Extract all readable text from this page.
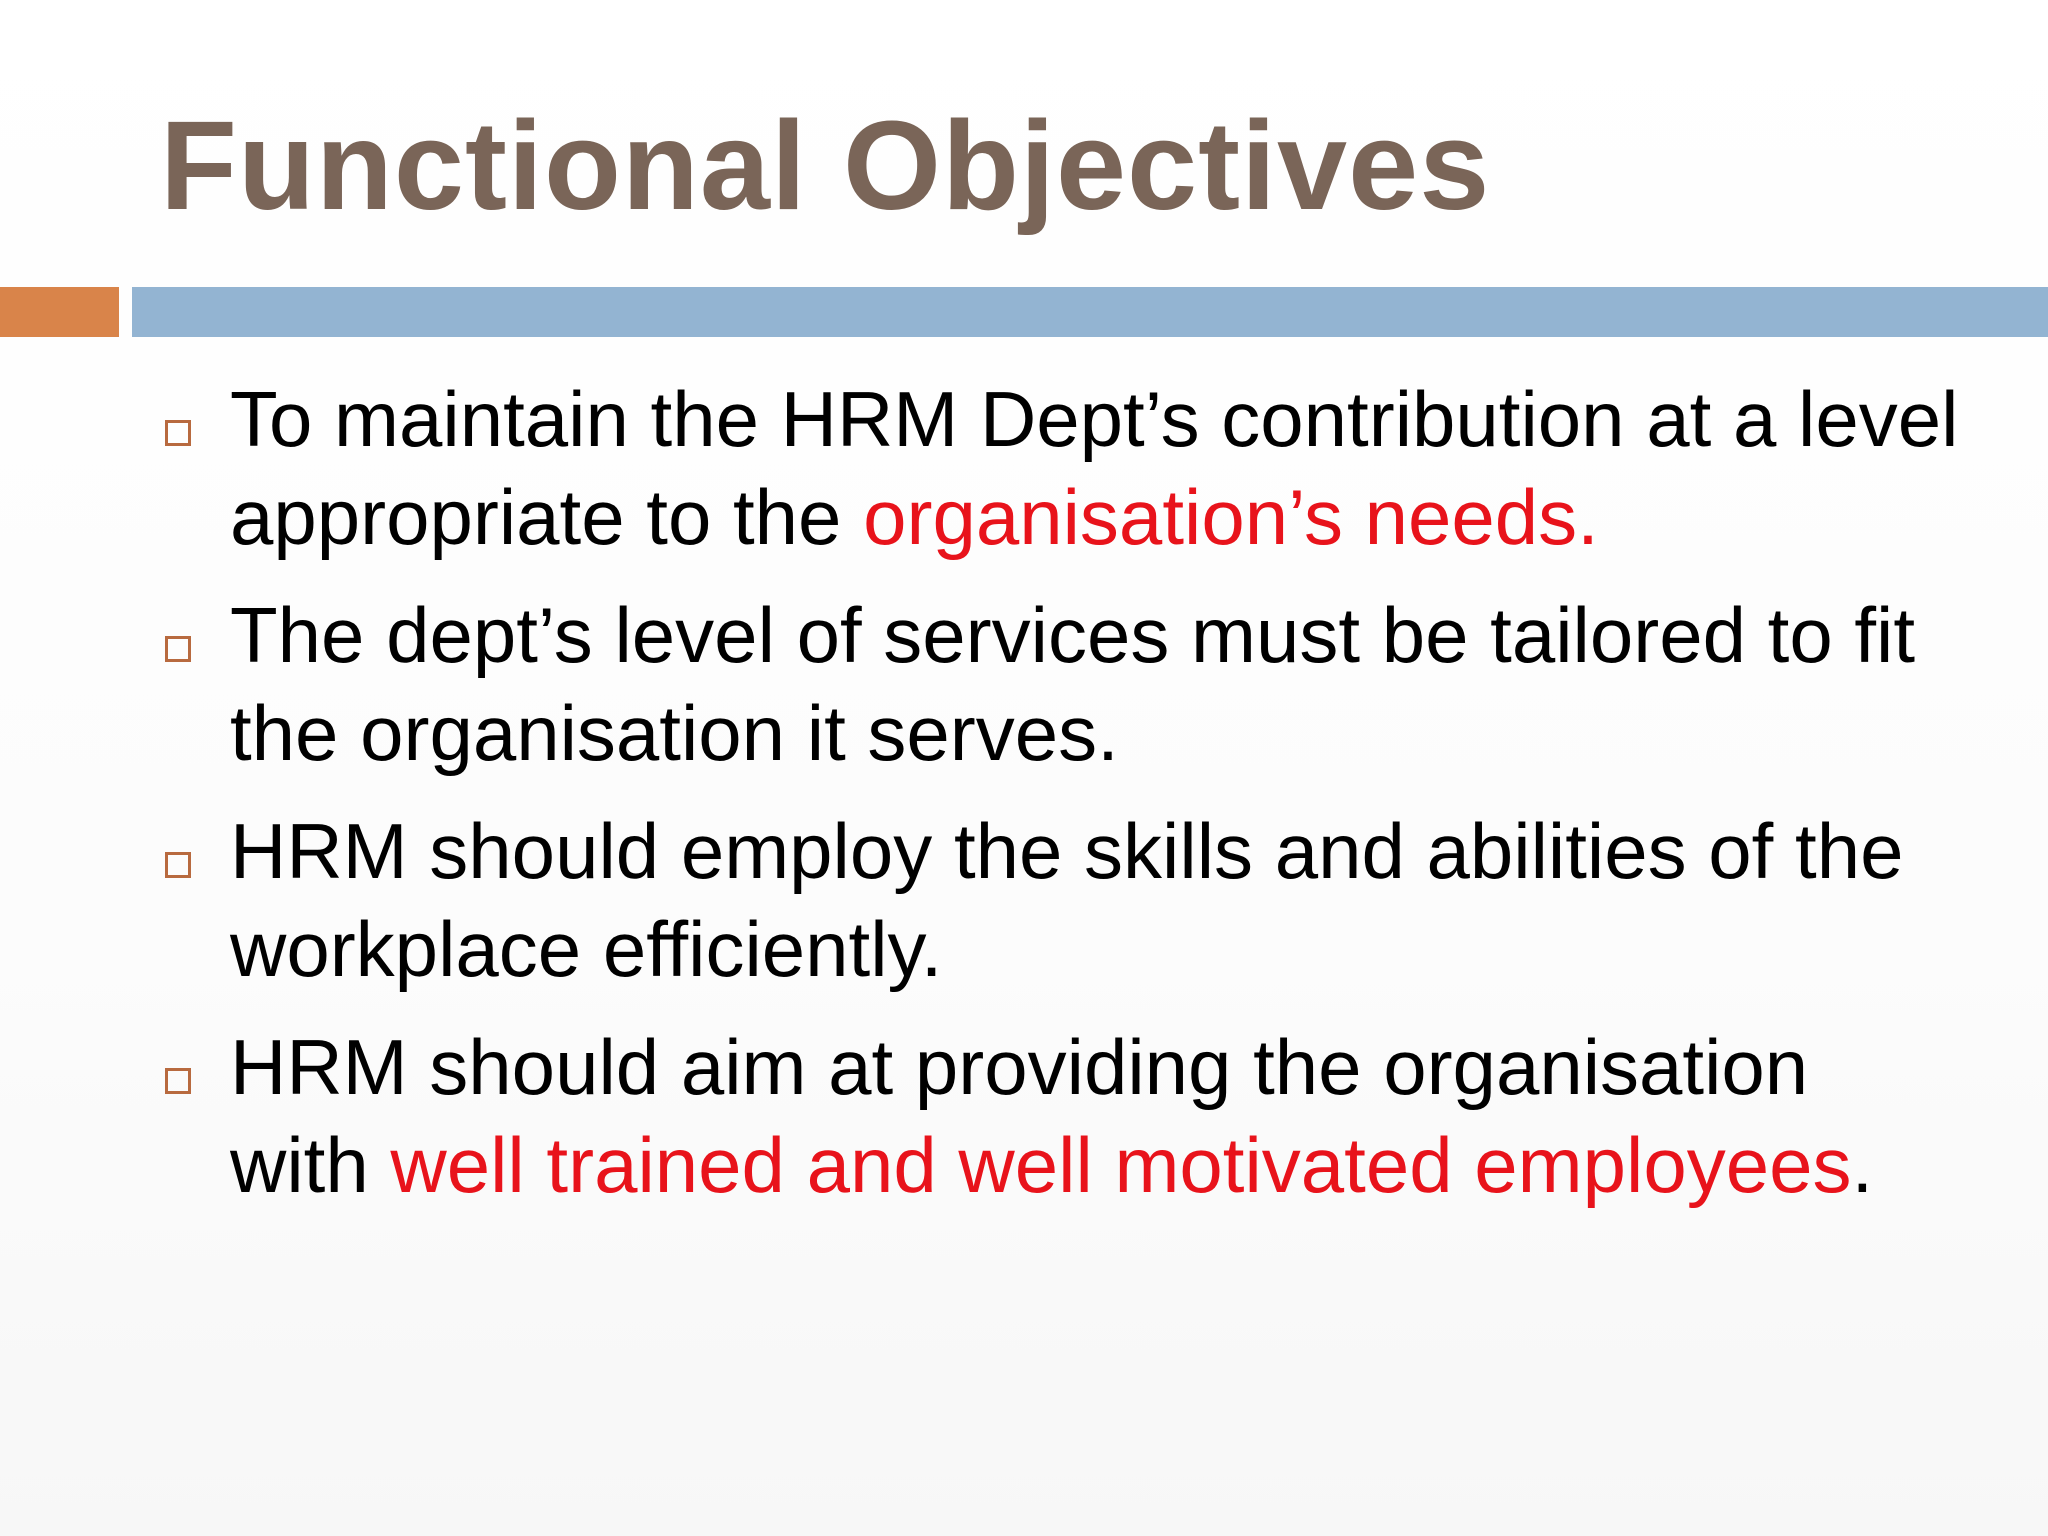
Functional Objectives
To maintain the HRM Dept’s contribution at a level appropriate to the organisation’s needs.
The dept’s level of services must be tailored to fit the organisation it serves.
HRM should employ the skills and abilities of the workplace efficiently.
HRM should aim at providing the organisation with well trained and well motivated employees.
